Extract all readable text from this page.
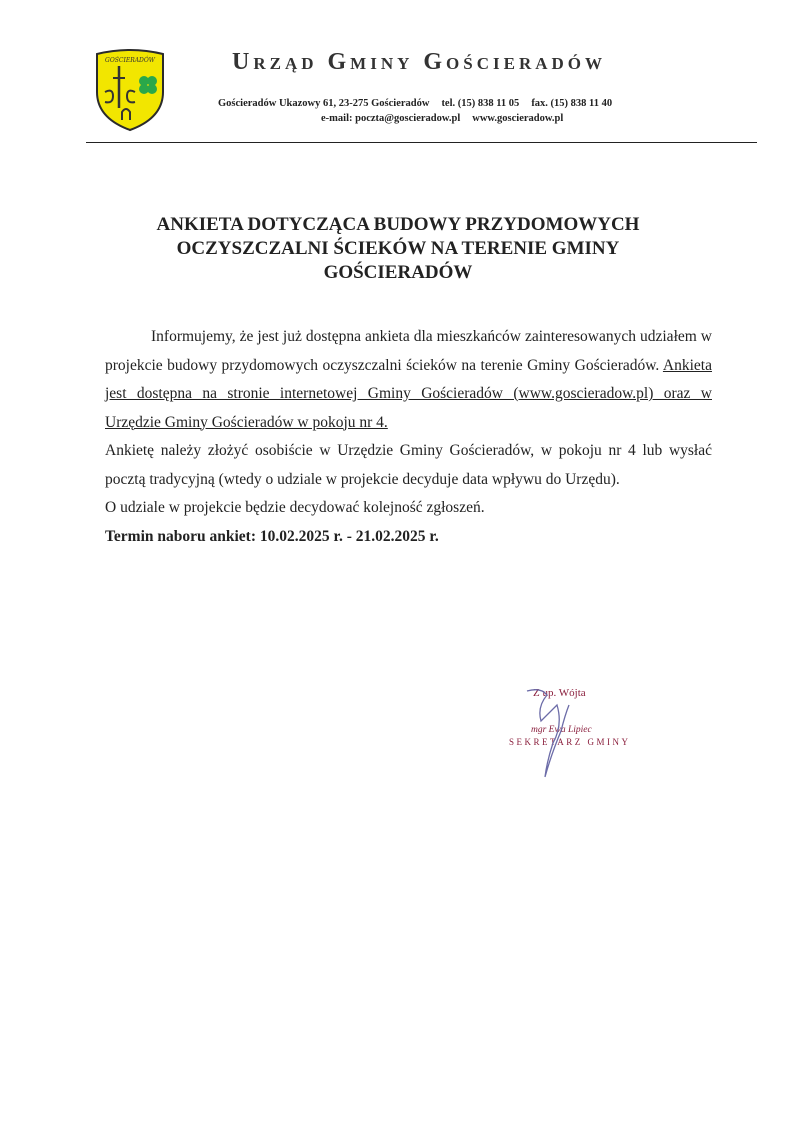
GOŚCIERADÓW	Urząd Gminy Gościeradów
Gościeradów Ukazowy 61, 23-275 Gościeradów tel. (15) 838 11 05 fax. (15) 838 11 40
e-mail: poczta@goscieradow.pl www.goscieradow.pl
ANKIETA DOTYCZĄCA BUDOWY PRZYDOMOWYCH OCZYSZCZALNI ŚCIEKÓW NA TERENIE GMINY GOŚCIERADÓW

Informujemy, że jest już dostępna ankieta dla mieszkańców zainteresowanych udziałem w projekcie budowy przydomowych oczyszczalni ścieków na terenie Gminy Gościeradów. Ankieta jest dostępna na stronie internetowej Gminy Gościeradów (www.goscieradow.pl) oraz w Urzędzie Gminy Gościeradów w pokoju nr 4.

Ankietę należy złożyć osobiście w Urzędzie Gminy Gościeradów, w pokoju nr 4 lub wysłać pocztą tradycyjną (wtedy o udziale w projekcie decyduje data wpływu do Urzędu).

O udziale w projekcie będzie decydować kolejność zgłoszeń.

Termin naboru ankiet: 10.02.2025 r. - 21.02.2025 r.

Z up. Wójta
mgr Ewa Lipiec
SEKRETARZ GMINY
